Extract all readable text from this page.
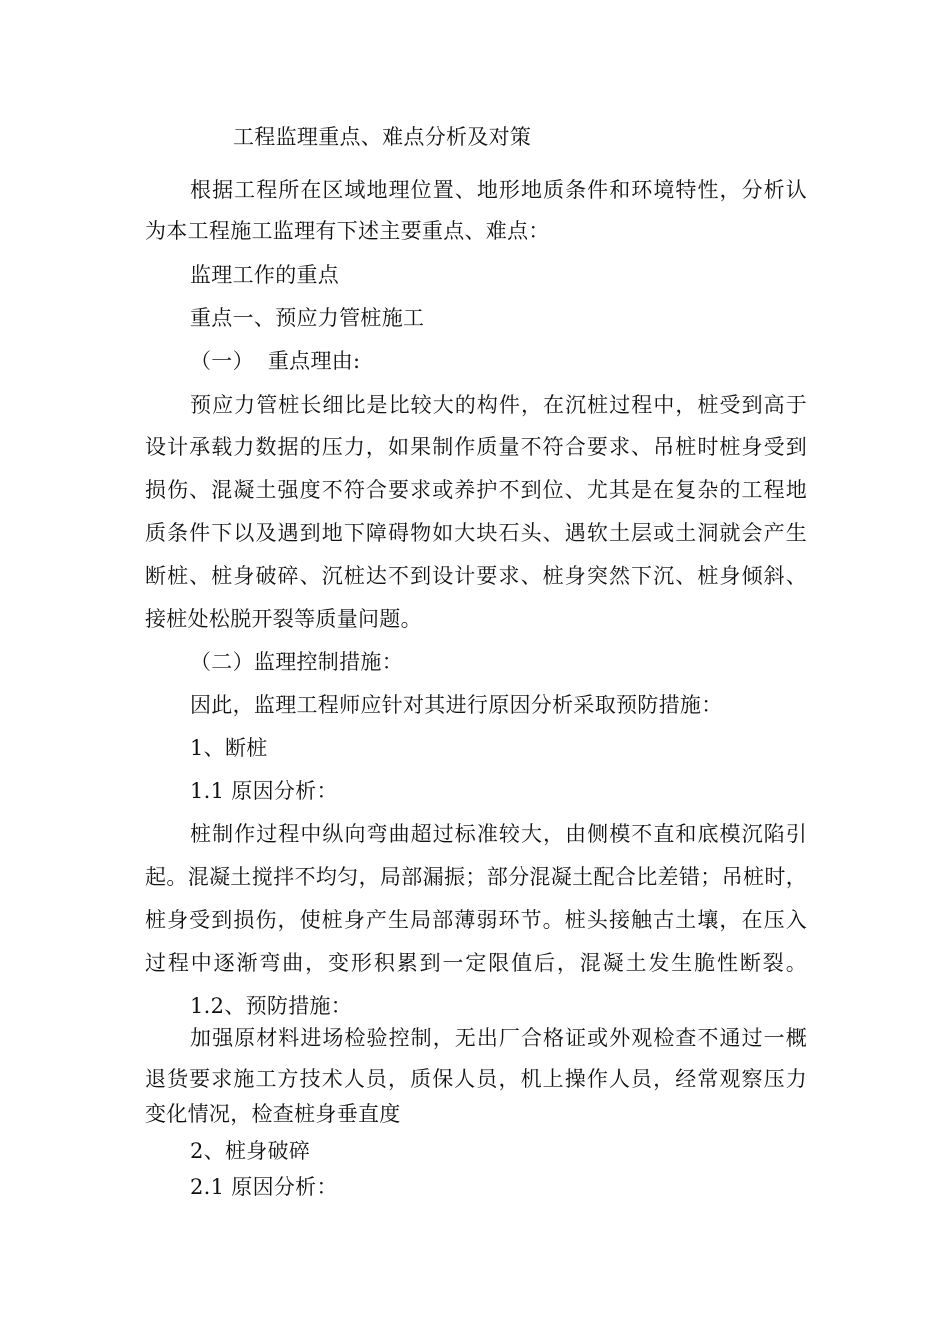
工程监理重点、难点分析及对策
根据工程所在区域地理位置、地形地质条件和环境特性，分析认
为本工程施工监理有下述主要重点、难点：
监理工作的重点
重点一、预应力管桩施工
（一）  重点理由:
预应力管桩长细比是比较大的构件，在沉桩过程中，桩受到高于
设计承载力数据的压力，如果制作质量不符合要求、吊桩时桩身受到
损伤、混凝土强度不符合要求或养护不到位、尤其是在复杂的工程地
质条件下以及遇到地下障碍物如大块石头、遇软土层或土洞就会产生
断桩、桩身破碎、沉桩达不到设计要求、桩身突然下沉、桩身倾斜、
接桩处松脱开裂等质量问题。
（二）监理控制措施：
因此，监理工程师应针对其进行原因分析采取预防措施：
1、断桩
1.1 原因分析：
桩制作过程中纵向弯曲超过标准较大，由侧模不直和底模沉陷引
起。混凝土搅拌不均匀，局部漏振；部分混凝土配合比差错；吊桩时，
桩身受到损伤，使桩身产生局部薄弱环节。桩头接触古土壤，在压入
过程中逐渐弯曲，变形积累到一定限值后，混凝土发生脆性断裂。
1.2、预防措施：
加强原材料进场检验控制，无出厂合格证或外观检查不通过一概
退货要求施工方技术人员，质保人员，机上操作人员，经常观察压力
变化情况，检查桩身垂直度
2、桩身破碎
2.1 原因分析：
